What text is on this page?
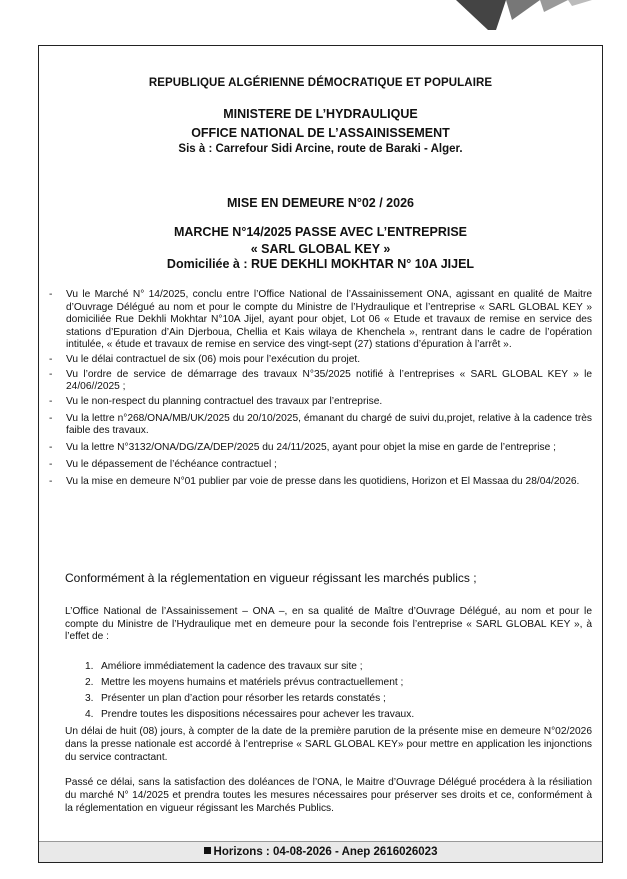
REPUBLIQUE ALGÉRIENNE DÉMOCRATIQUE ET POPULAIRE
MINISTERE DE L’HYDRAULIQUE
OFFICE NATIONAL DE L’ASSAINISSEMENT
Sis à : Carrefour Sidi Arcine, route de Baraki - Alger.
MISE EN DEMEURE N°02 / 2026
MARCHE N°14/2025 PASSE AVEC L’ENTREPRISE
« SARL GLOBAL KEY »
Domiciliée à : RUE DEKHLI MOKHTAR N° 10A JIJEL
- Vu le Marché N° 14/2025, conclu entre l’Office National de l’Assainissement ONA, agissant en qualité de Maitre d’Ouvrage Délégué au nom et pour le compte du Ministre de l’Hydraulique et l’entreprise « SARL GLOBAL KEY » domiciliée Rue Dekhli Mokhtar N°10A Jijel, ayant pour objet, Lot 06 « Etude et travaux de remise en service des stations d’Epuration d’Ain Djerboua, Chellia et Kais wilaya de Khenchela », rentrant dans le cadre de l’opération intitulée, « étude et travaux de remise en service des vingt-sept (27) stations d’épuration à l’arrêt ».
- Vu le délai contractuel de six (06) mois pour l’exécution du projet.
- Vu l’ordre de service de démarrage des travaux N°35/2025 notifié à l’entreprises « SARL GLOBAL KEY » le 24/06//2025 ;
- Vu le non-respect du planning contractuel des travaux par l’entreprise.
- Vu la lettre n°268/ONA/MB/UK/2025 du 20/10/2025, émanant du chargé de suivi du,projet, relative à la cadence très faible des travaux.
- Vu la lettre N°3132/ONA/DG/ZA/DEP/2025 du 24/11/2025, ayant pour objet la mise en garde de l’entreprise ;
- Vu le dépassement de l’échéance contractuel ;
- Vu la mise en demeure N°01 publier par voie de presse dans les quotidiens, Horizon et El Massaa du 28/04/2026.
Conformément à la réglementation en vigueur régissant les marchés publics ;
L’Office National de l’Assainissement – ONA –, en sa qualité de Maître d’Ouvrage Délégué, au nom et pour le compte du Ministre de l’Hydraulique met en demeure pour la seconde fois l’entreprise « SARL GLOBAL KEY », à l’effet de :
1. Améliore immédiatement la cadence des travaux sur site ;
2. Mettre les moyens humains et matériels prévus contractuellement ;
3. Présenter un plan d’action pour résorber les retards constatés ;
4. Prendre toutes les dispositions nécessaires pour achever les travaux.
Un délai de huit (08) jours, à compter de la date de la première parution de la présente mise en demeure N°02/2026 dans la presse nationale est accordé à l’entreprise « SARL GLOBAL KEY» pour mettre en application les injonctions du service contractant.
Passé ce délai, sans la satisfaction des doléances de l’ONA, le Maitre d’Ouvrage Délégué procédera à la résiliation du marché N° 14/2025 et prendra toutes les mesures nécessaires pour préserver ses droits et ce, conformément à la réglementation en vigueur régissant les Marchés Publics.
Horizons : 04-08-2026 - Anep 2616026023
